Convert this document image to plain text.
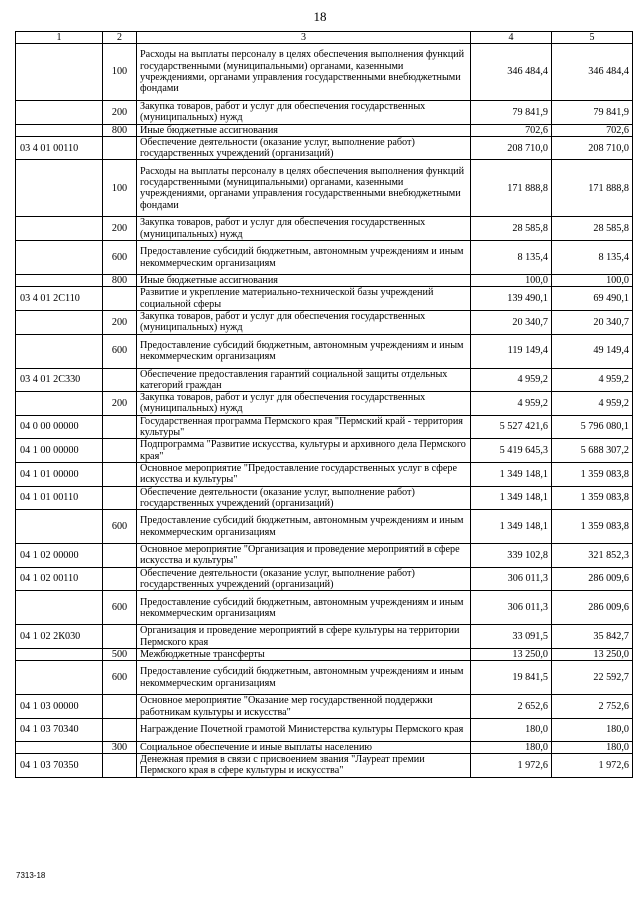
18
1	2	3	4	5
	100	Расходы на выплаты персоналу в целях обеспечения выполнения функций государственными (муниципальными) органами, казенными учреждениями, органами управления государственными внебюджетными фондами	346 484,4	346 484,4
	200	Закупка товаров, работ и услуг для обеспечения государственных (муниципальных) нужд	79 841,9	79 841,9
	800	Иные бюджетные ассигнования	702,6	702,6
03 4 01 00110		Обеспечение деятельности (оказание услуг, выполнение работ) государственных учреждений (организаций)	208 710,0	208 710,0
	100	Расходы на выплаты персоналу в целях обеспечения выполнения функций государственными (муниципальными) органами, казенными учреждениями, органами управления государственными внебюджетными фондами	171 888,8	171 888,8
	200	Закупка товаров, работ и услуг для обеспечения государственных (муниципальных) нужд	28 585,8	28 585,8
	600	Предоставление субсидий бюджетным, автономным учреждениям и иным некоммерческим организациям	8 135,4	8 135,4
	800	Иные бюджетные ассигнования	100,0	100,0
03 4 01 2С110		Развитие и укрепление материально-технической базы учреждений социальной сферы	139 490,1	69 490,1
	200	Закупка товаров, работ и услуг для обеспечения государственных (муниципальных) нужд	20 340,7	20 340,7
	600	Предоставление субсидий бюджетным, автономным учреждениям и иным некоммерческим организациям	119 149,4	49 149,4
03 4 01 2С330		Обеспечение предоставления гарантий социальной защиты отдельных категорий граждан	4 959,2	4 959,2
	200	Закупка товаров, работ и услуг для обеспечения государственных (муниципальных) нужд	4 959,2	4 959,2
04 0 00 00000		Государственная программа Пермского края "Пермский край - территория культуры"	5 527 421,6	5 796 080,1
04 1 00 00000		Подпрограмма "Развитие искусства, культуры и архивного дела Пермского края"	5 419 645,3	5 688 307,2
04 1 01 00000		Основное мероприятие "Предоставление государственных услуг в сфере искусства и культуры"	1 349 148,1	1 359 083,8
04 1 01 00110		Обеспечение деятельности (оказание услуг, выполнение работ) государственных учреждений (организаций)	1 349 148,1	1 359 083,8
	600	Предоставление субсидий бюджетным, автономным учреждениям и иным некоммерческим организациям	1 349 148,1	1 359 083,8
04 1 02 00000		Основное мероприятие "Организация и проведение мероприятий в сфере искусства и культуры"	339 102,8	321 852,3
04 1 02 00110		Обеспечение деятельности (оказание услуг, выполнение работ) государственных учреждений (организаций)	306 011,3	286 009,6
	600	Предоставление субсидий бюджетным, автономным учреждениям и иным некоммерческим организациям	306 011,3	286 009,6
04 1 02 2К030		Организация и проведение мероприятий в сфере культуры на территории Пермского края	33 091,5	35 842,7
	500	Межбюджетные трансферты	13 250,0	13 250,0
	600	Предоставление субсидий бюджетным, автономным учреждениям и иным некоммерческим организациям	19 841,5	22 592,7
04 1 03 00000		Основное мероприятие "Оказание мер государственной поддержки работникам культуры и искусства"	2 652,6	2 752,6
04 1 03 70340		Награждение Почетной грамотой Министерства культуры Пермского края	180,0	180,0
	300	Социальное обеспечение и иные выплаты населению	180,0	180,0
04 1 03 70350		Денежная премия в связи с присвоением звания "Лауреат премии Пермского края в сфере культуры и искусства"	1 972,6	1 972,6
7313-18
